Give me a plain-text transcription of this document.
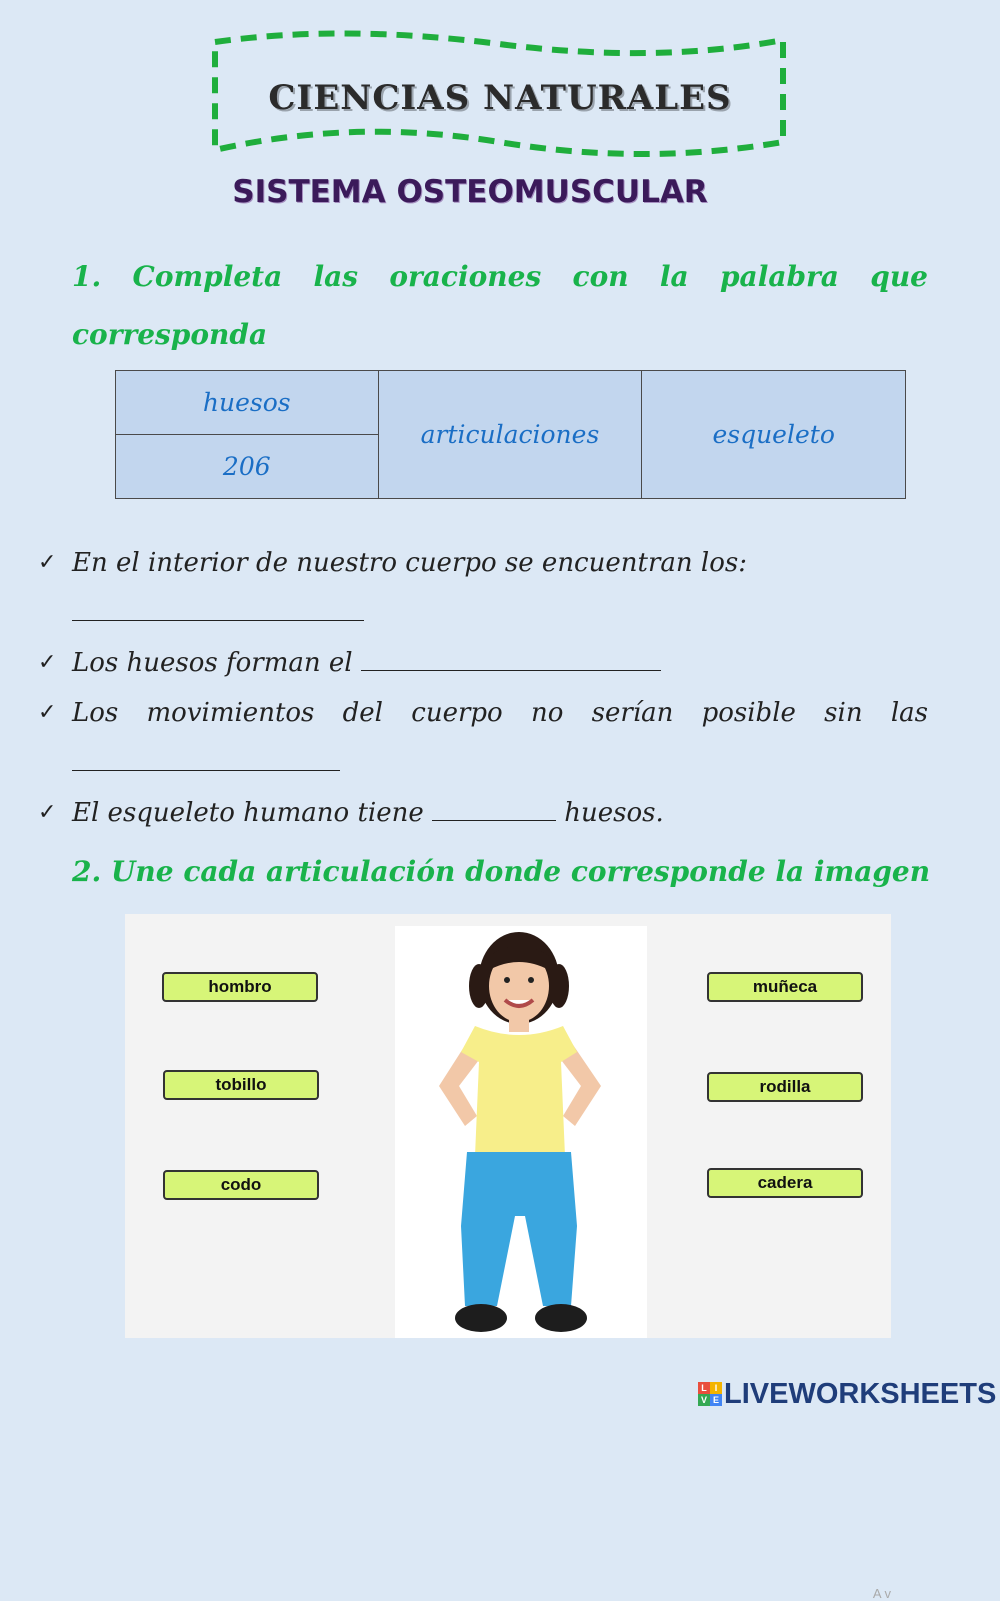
CIENCIAS NATURALES
SISTEMA OSTEOMUSCULAR
1. Completa las oraciones con la palabra que corresponda
huesos	articulaciones	esqueleto
206
✓ En el interior de nuestro cuerpo se encuentran los:

✓ Los huesos forman el
✓ Los movimientos del cuerpo no serían posible sin las
✓ El esqueleto humano tiene	huesos.
2. Une cada articulación donde corresponde la imagen
hombro
tobillo
codo
muñeca
rodilla
cadera
A v
L I
V E LIVEWORKSHEETS
